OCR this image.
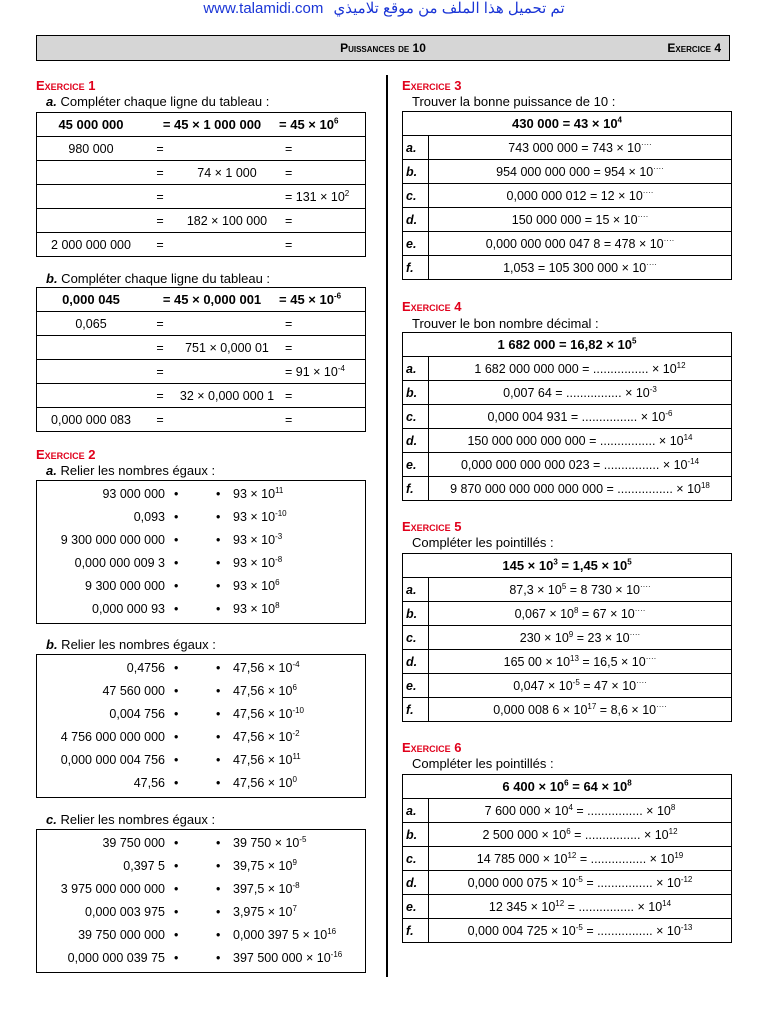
www.talamidi.com تم تحميل هذا الملف من موقع تلاميذي
Puissances de 10	Exercice 4
Exercice 1
a. Compléter chaque ligne du tableau :
45 000 000	= 45 × 1 000 000		= $45 \times 10^6$
980 000	=		=
	=	74 × 1 000	=
	=		= $131 \times 10^2$
	=	182 × 100 000	=
2 000 000 000	=		=
b. Compléter chaque ligne du tableau :
0,000 045	= 45 × 0,000 001		= $45 \times 10^{-6}$
0,065	=		=
	=	751 × 0,000 01	=
	=		= $91 \times 10^{-4}$
	=	32 × 0,000 000 1	=
0,000 000 083	=		=
Exercice 2
a. Relier les nombres égaux :
93 000 000 •	• $93 \times 10^{11}$
0,093 •	• $93 \times 10^{-10}$
9 300 000 000 000 •	• $93 \times 10^{-3}$
0,000 000 009 3 •	• $93 \times 10^{-8}$
9 300 000 000 •	• $93 \times 10^6$
0,000 000 93 •	• $93 \times 10^8$
b. Relier les nombres égaux :
0,4756 •	• $47,56 \times 10^{-4}$
47 560 000 •	• $47,56 \times 10^6$
0,004 756 •	• $47,56 \times 10^{-10}$
4 756 000 000 000 •	• $47,56 \times 10^{-2}$
0,000 000 004 756 •	• $47,56 \times 10^{11}$
47,56 •	• $47,56 \times 10^0$
c. Relier les nombres égaux :
39 750 000 •	• 39 $750 \times 10^{-5}$
0,397 5 •	• $39,75 \times 10^9$
3 975 000 000 000 •	• $397,5 \times 10^{-8}$
0,000 003 975 •	• $3,975 \times 10^7$
39 750 000 000 •	• 0,000 397 $5 \times 10^{16}$
0,000 000 039 75 •	• 397 500 $000 \times 10^{-16}$
Exercice 3
Trouver la bonne puissance de 10 :
430 $000 = 43 \times 10^4$
a.	743 000 000 = 743 × 10····
b.	954 000 000 000 = 954 × 10····
c.	0,000 000 012 = 12 × 10····
d.	150 000 000 = 15 × 10····
e.	0,000 000 000 047 8 = 478 × 10····
f.	1,053 = 105 300 000 × 10····
Exercice 4
Trouver le bon nombre décimal :
1 682 $000 = 16,82 \times 10^5$
a.	1 682 000 000 000 = ................ × $10^{12}$
b.	0,007 64 = ................ × $10^{-3}$
c.	0,000 004 931 = ................ × $10^{-6}$
d.	150 000 000 000 000 = ................ × $10^{14}$
e.	0,000 000 000 000 023 = ................ × $10^{-14}$
f.	9 870 000 000 000 000 000 = ................ × $10^{18}$
Exercice 5
Compléter les pointillés :
$145 \times 10^3 = 1,45 \times 10^5$
a.	$87,3 \times 10^5 = 8$ 730 × 10····
b.	$0,067 \times 10^8 = 67 \times 10^{\cdot\cdot\cdot\cdot}$
c.	$230 \times 10^9 = 23 \times 10^{\cdot\cdot\cdot\cdot}$
d.	165 $00 \times 10^{13} = 16,5 \times 10^{\cdot\cdot\cdot\cdot}$
e.	$0,047 \times 10^{-5} = 47 \times 10^{\cdot\cdot\cdot\cdot}$
f.	0,000 008 $6 \times 10^{17} = 8,6 \times 10^{\cdot\cdot\cdot\cdot}$
Exercice 6
Compléter les pointillés :
6 $400 \times 10^6 = 64 \times 10^8$
a.	7 600 $000 \times 10^4$ = ................ × $10^8$
b.	2 500 $000 \times 10^6$ = ................ × $10^{12}$
c.	14 785 $000 \times 10^{12}$ = ................ × $10^{19}$
d.	0,000 000 $075 \times 10^{-5}$ = ................ × $10^{-12}$
e.	12 $345 \times 10^{12}$ = ................ × $10^{14}$
f.	0,000 004 $725 \times 10^{-5}$ = ................ × $10^{-13}$
